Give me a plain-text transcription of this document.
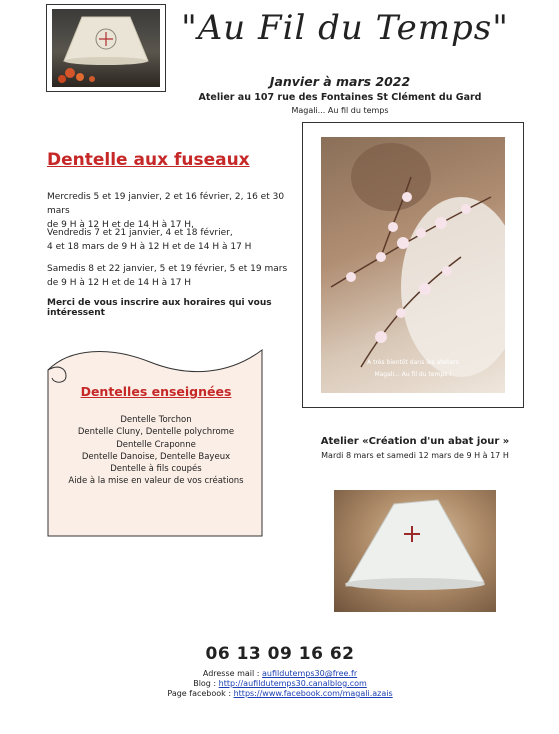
"Au Fil du Temps"
Janvier à mars 2022
Atelier au 107 rue des Fontaines St Clément du Gard
Magali... Au fil du temps
Dentelle aux fuseaux
Mercredis 5 et 19 janvier, 2 et 16 février, 2, 16 et 30 mars
de 9 H à 12 H et de 14 H à 17 H,
Vendredis 7 et 21 janvier, 4 et 18 février,
4 et 18 mars de 9 H à 12 H et de 14 H à 17 H
Samedis 8 et 22 janvier, 5 et 19 février, 5 et 19 mars
de 9 H à 12 H et de 14 H à 17 H
Merci de vous inscrire aux horaires qui vous intéressent
Dentelles enseignées
Dentelle Torchon
Dentelle Cluny, Dentelle polychrome
Dentelle Craponne
Dentelle Danoise, Dentelle Bayeux
Dentelle à fils coupés
Aide à la mise en valeur de vos créations
A très bientôt dans les ateliers
Magali... Au fil du temps !
Atelier «Création d'un abat jour »
Mardi 8 mars et samedi 12 mars de 9 H à 17 H
06 13 09 16 62
Adresse mail : aufildutemps30@free.fr
Blog : http://aufildutemps30.canalblog.com
Page facebook : https://www.facebook.com/magali.azais
